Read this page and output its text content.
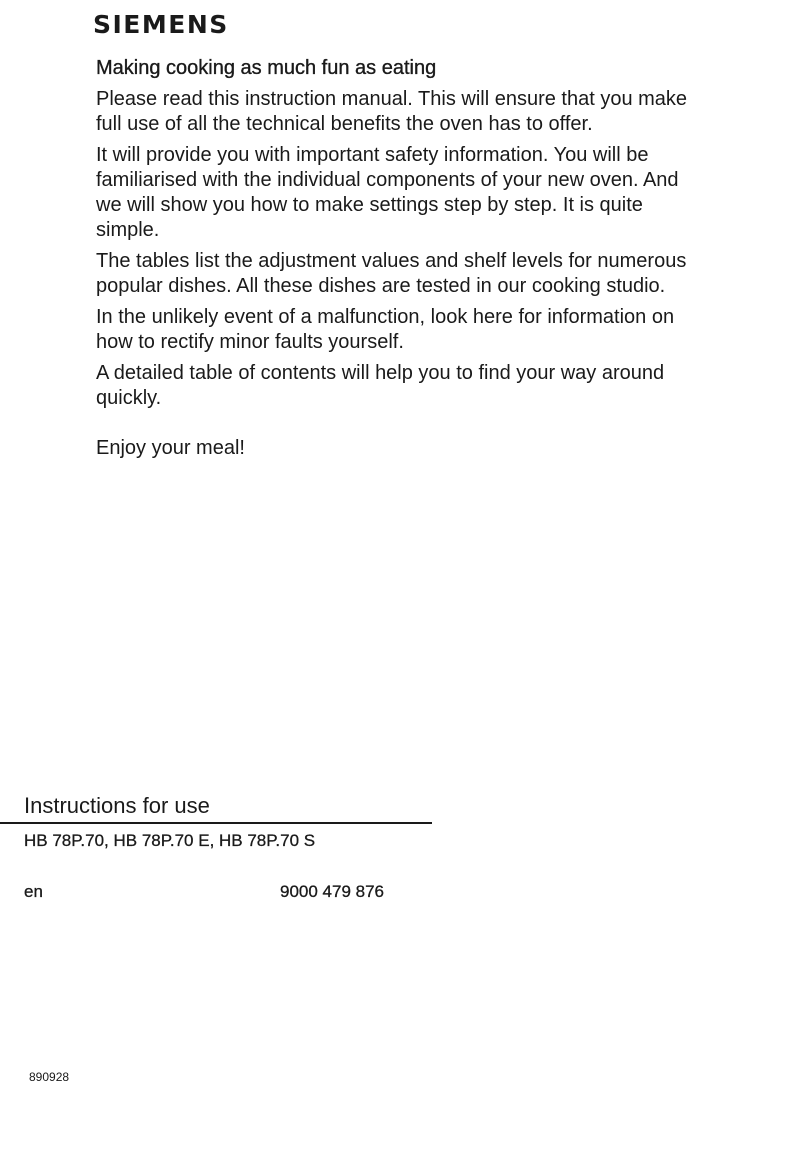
SIEMENS
Making cooking as much fun as eating

Please read this instruction manual. This will ensure that you make full use of all the technical benefits the oven has to offer.

It will provide you with important safety information. You will be familiarised with the individual components of your new oven. And we will show you how to make settings step by step. It is quite simple.

The tables list the adjustment values and shelf levels for numerous popular dishes. All these dishes are tested in our cooking studio.

In the unlikely event of a malfunction, look here for information on how to rectify minor faults yourself.

A detailed table of contents will help you to find your way around quickly.

Enjoy your meal!

Instructions for use

HB 78P.70, HB 78P.70 E, HB 78P.70 S

en	9000 479 876
890928
